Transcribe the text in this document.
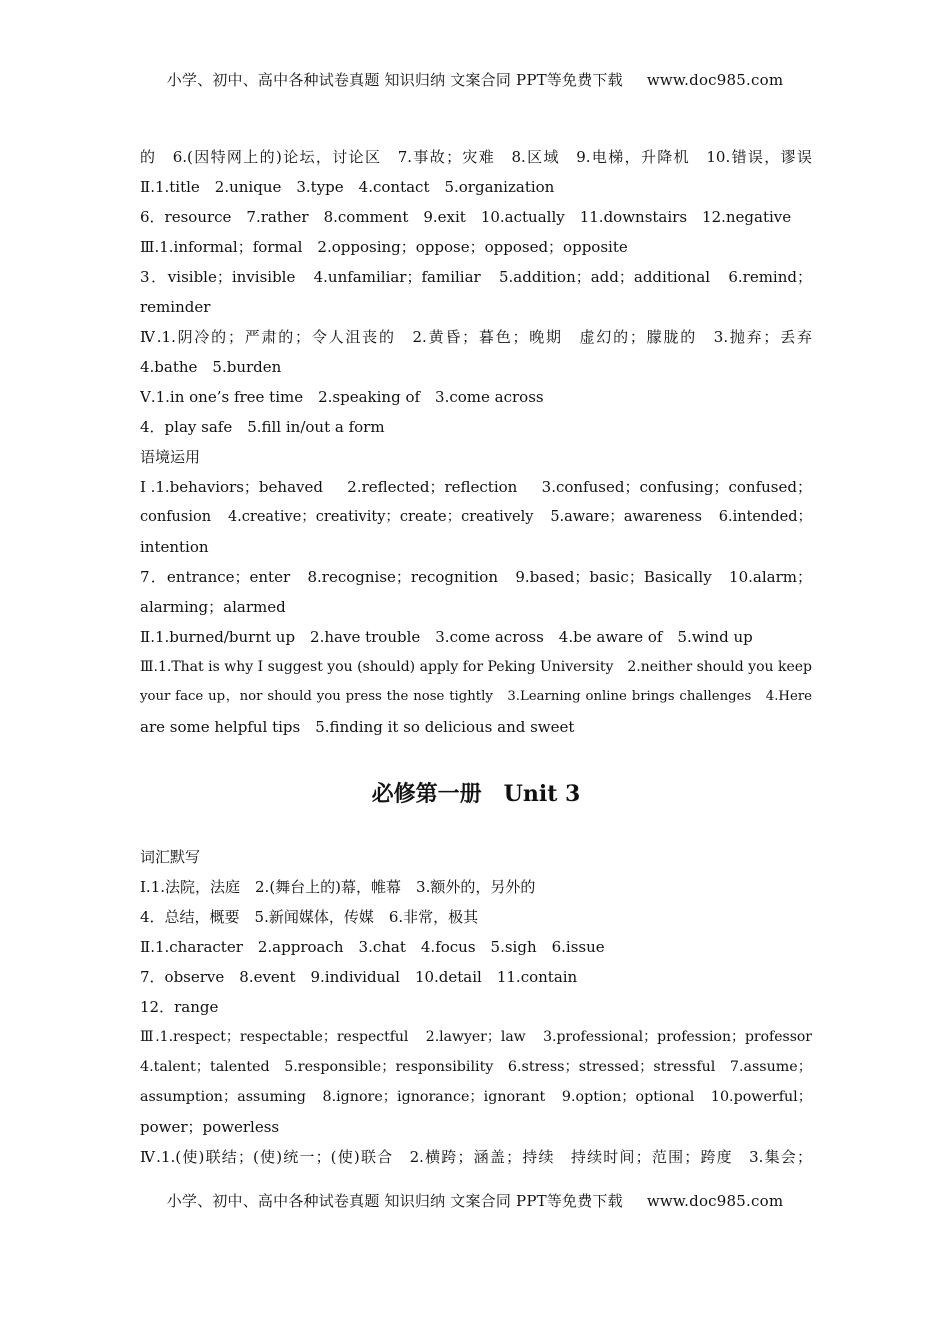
小学、初中、高中各种试卷真题 知识归纳 文案合同 PPT等免费下载 www.doc985.com
的　6.(因特网上的)论坛，讨论区　7.事故；灾难　8.区域　9.电梯，升降机　10.错误，谬误
Ⅱ.1.title　2.unique　3.type　4.contact　5.organization
6．resource　7.rather　8.comment　9.exit　10.actually　11.downstairs　12.negative
Ⅲ.1.informal；formal　2.opposing；oppose；opposed；opposite
3．visible；invisible　4.unfamiliar；familiar　5.addition；add；additional　6.remind；
reminder
Ⅳ.1.阴冷的；严肃的；令人沮丧的　2.黄昏；暮色；晚期　虚幻的；朦胧的　3.抛弃；丢弃
4.bathe　5.burden
Ⅴ.1.in one’s free time　2.speaking of　3.come across
4．play safe　5.fill in/out a form
语境运用
Ⅰ.1.behaviors；behaved　2.reflected；reflection　3.confused；confusing；confused；
confusion　4.creative；creativity；create；creatively　5.aware；awareness　6.intended；
intention
7．entrance；enter　8.recognise；recognition　9.based；basic；Basically　10.alarm；
alarming；alarmed
Ⅱ.1.burned/burnt up　2.have trouble　3.come across　4.be aware of　5.wind up
Ⅲ.1.That is why I suggest you (should) apply for Peking University　2.neither should you keep
your face up，nor should you press the nose tightly　3.Learning online brings challenges　4.Here
are some helpful tips　5.finding it so delicious and sweet
必修第一册　Unit 3
词汇默写
Ⅰ.1.法院，法庭　2.(舞台上的)幕，帷幕　3.额外的，另外的
4．总结，概要　5.新闻媒体，传媒　6.非常，极其
Ⅱ.1.character　2.approach　3.chat　4.focus　5.sigh　6.issue
7．observe　8.event　9.individual　10.detail　11.contain
12．range
Ⅲ.1.respect；respectable；respectful　2.lawyer；law　3.professional；profession；professor
4.talent；talented　5.responsible；responsibility　6.stress；stressed；stressful　7.assume；
assumption；assuming　8.ignore；ignorance；ignorant　9.option；optional　10.powerful；
power；powerless
Ⅳ.1.(使)联结；(使)统一；(使)联合　2.横跨；涵盖；持续　持续时间；范围；跨度　3.集会；
小学、初中、高中各种试卷真题 知识归纳 文案合同 PPT等免费下载 www.doc985.com
